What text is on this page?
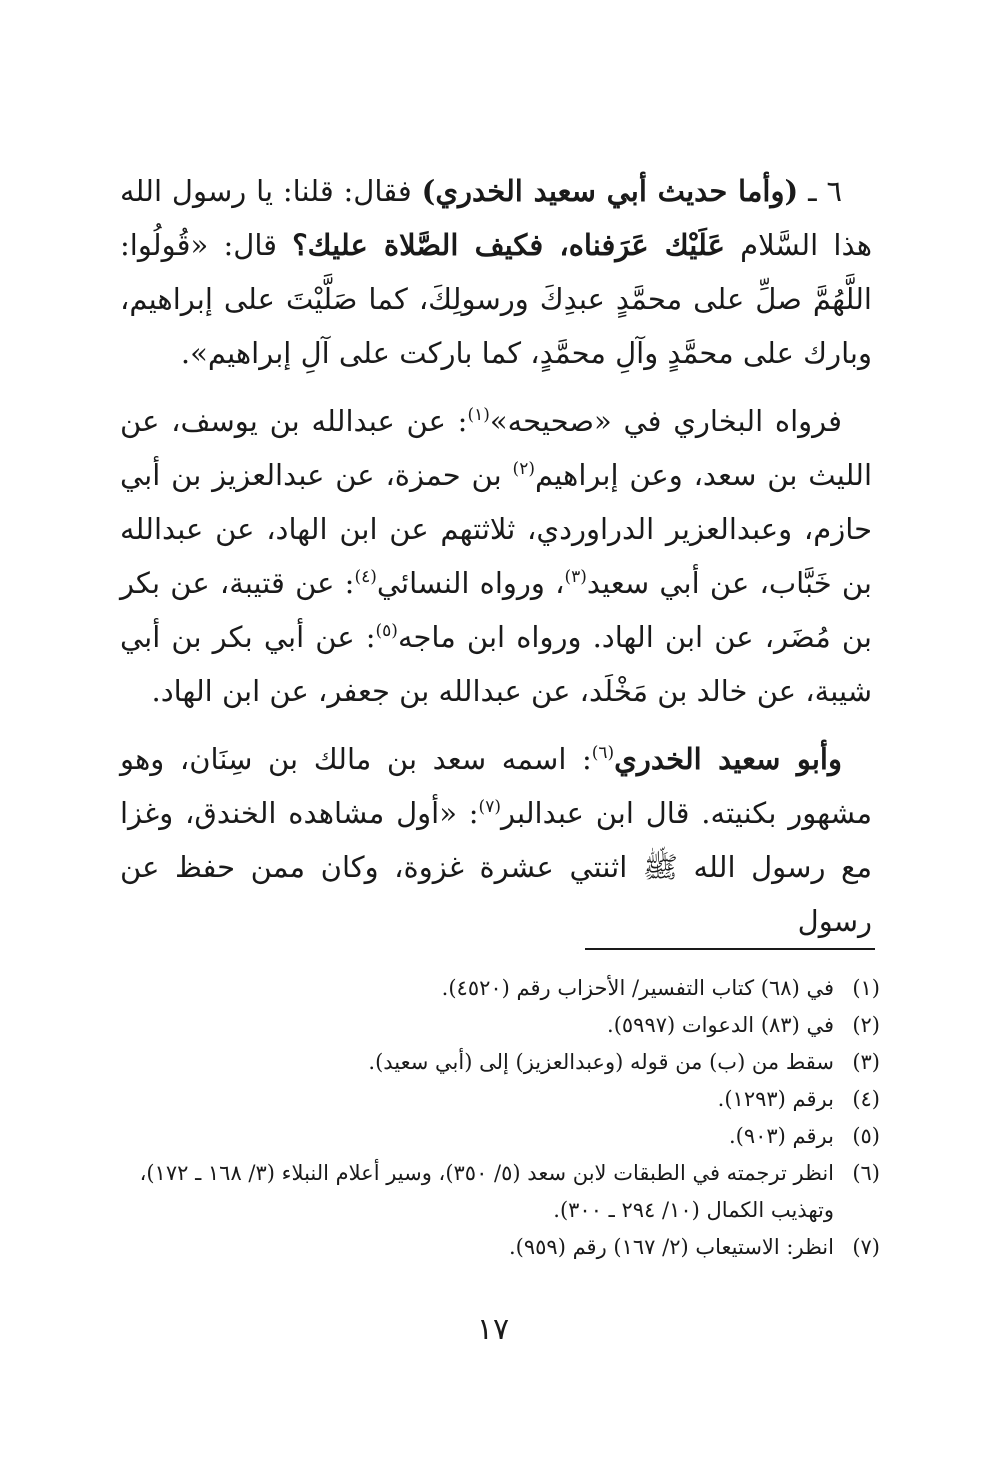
٦ ـ (وأما حديث أبي سعيد الخدري) فقال: قلنا: يا رسول الله هذا السَّلام عَلَيْك عَرَفناه، فكيف الصَّلاة عليك؟ قال: «قُولُوا: اللَّهُمَّ صلِّ على محمَّدٍ عبدِكَ ورسولِكَ، كما صَلَّيْتَ على إبراهيم، وبارك على محمَّدٍ وآلِ محمَّدٍ، كما باركت على آلِ إبراهيم».

فرواه البخاري في «صحيحه»$^{(١)}$: عن عبدالله بن يوسف، عن الليث بن سعد، وعن إبراهيم$^{(٢)}$ بن حمزة، عن عبدالعزيز بن أبي حازم، وعبدالعزير الدراوردي، ثلاثتهم عن ابن الهاد، عن عبدالله بن خَبَّاب، عن أبي سعيد$^{(٣)}$، ورواه النسائي$^{(٤)}$: عن قتيبة، عن بكر بن مُضَر، عن ابن الهاد. ورواه ابن ماجه$^{(٥)}$: عن أبي بكر بن أبي شيبة، عن خالد بن مَخْلَد، عن عبدالله بن جعفر، عن ابن الهاد.

وأبو سعيد الخدري$^{(٦)}$: اسمه سعد بن مالك بن سِنَان، وهو مشهور بكنيته. قال ابن عبدالبر$^{(٧)}$: «أول مشاهده الخندق، وغزا مع رسول الله ﷺ اثنتي عشرة غزوة، وكان ممن حفظ عن رسول

(١)
في (٦٨) كتاب التفسير/ الأحزاب رقم (٤٥٢٠).

(٢)
في (٨٣) الدعوات (٥٩٩٧).

(٣)
سقط من (ب) من قوله (وعبدالعزيز) إلى (أبي سعيد).

(٤)
برقم (١٢٩٣).

(٥)
برقم (٩٠٣).

(٦)
انظر ترجمته في الطبقات لابن سعد (٥/ ٣٥٠)، وسير أعلام النبلاء (٣/ ١٦٨ ـ ١٧٢)، وتهذيب الكمال (١٠/ ٢٩٤ ـ ٣٠٠).

(٧)
انظر: الاستيعاب (٢/ ١٦٧) رقم (٩٥٩).

١٧
